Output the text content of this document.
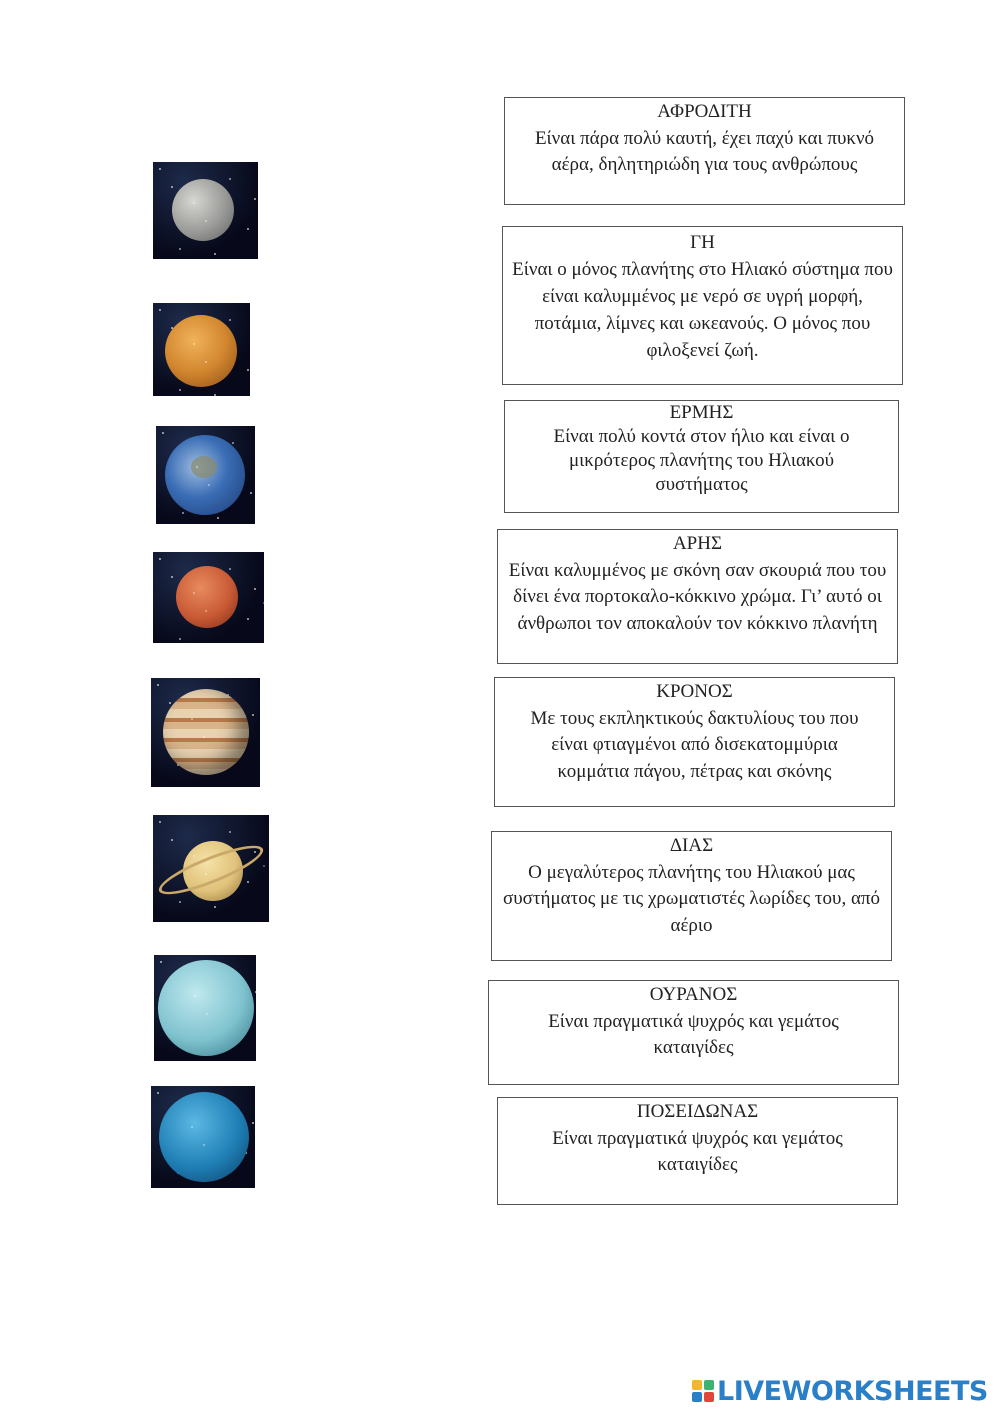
ΑΦΡΟΔΙΤΗ
Είναι πάρα πολύ καυτή, έχει παχύ και πυκνό αέρα, δηλητηριώδη για τους ανθρώπους
ΓΗ
Είναι ο μόνος πλανήτης στο Ηλιακό σύστημα που είναι καλυμμένος με νερό σε υγρή μορφή, ποτάμια, λίμνες και ωκεανούς. Ο μόνος που φιλοξενεί ζωή.
ΕΡΜΗΣ
Είναι πολύ κοντά στον ήλιο και είναι ο μικρότερος πλανήτης του Ηλιακού συστήματος
ΑΡΗΣ
Είναι καλυμμένος με σκόνη σαν σκουριά που του δίνει ένα πορτοκαλο-κόκκινο χρώμα. Γι’ αυτό οι άνθρωποι τον αποκαλούν τον κόκκινο πλανήτη
ΚΡΟΝΟΣ
Με τους εκπληκτικούς δακτυλίους του που είναι φτιαγμένοι από δισεκατομμύρια κομμάτια πάγου, πέτρας και σκόνης
ΔΙΑΣ
Ο μεγαλύτερος πλανήτης του Ηλιακού μας συστήματος με τις χρωματιστές λωρίδες του, από αέριο
ΟΥΡΑΝΟΣ
Είναι πραγματικά ψυχρός και γεμάτος καταιγίδες
ΠΟΣΕΙΔΩΝΑΣ
Είναι πραγματικά ψυχρός και γεμάτος καταιγίδες
LIVEWORKSHEETS
